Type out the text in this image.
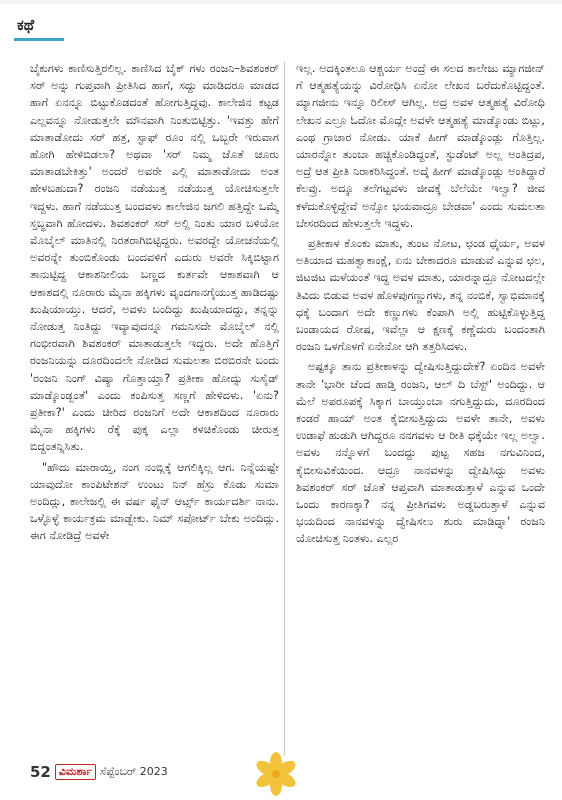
ಕಥೆ

ಬೈಕುಗಳು ಕಾಣಿಸುತ್ತಿರಲಿಲ್ಲ. ಕಾಣಿಸಿದ ಬೈಕ್ ಗಳು ರಂಜನಿ–ಶಿವಶಂಕರ್ ಸರ್ ಅನ್ನು ಗುಪ್ತವಾಗಿ ಪ್ರೀತಿಸಿದ ಹಾಗೆ, ಸದ್ದು ಮಾಡಿದರೂ ಮಾಡದ ಹಾಗೆ ಏನನ್ನೂ ಬಿಟ್ಟುಕೊಡದಂತೆ ಹೋಗುತ್ತಿದ್ದವು. ಕಾಲೇಜಿನ ಕಟ್ಟಡ ಎಲ್ಲವನ್ನೂ ನೋಡುತ್ತಲೇ ಮೌನವಾಗಿ ನಿಂತುಬಿಟ್ಟಿತ್ತು. 'ಇವತ್ತು ಹೇಗೆ ಮಾತಾಡೋದು ಸರ್ ಹತ್ರ, ಸ್ಟಾಫ್ ರೂಂ ನಲ್ಲಿ ಒಬ್ಬರೇ ಇರುವಾಗ ಹೋಗಿ ಹೇಳಿಬಿಡಲಾ? ಅಥವಾ 'ಸರ್ ನಿಮ್ಮ ಜೊತೆ ಚೂರು ಮಾತಾಡಬೇಕಿತ್ತು' ಅಂದರೆ ಅವರೇ ಎಲ್ಲಿ ಮಾತಾಡೋದು ಅಂತ ಹೇಳಬಹುದಾ? ರಂಜನಿ ನಡೆಯುತ್ತ ನಡೆಯುತ್ತ ಯೋಚಿಸುತ್ತಲೇ ಇದ್ದಳು. ಹಾಗೆ ನಡೆಯುತ್ತ ಬಂದವಳು ಕಾಲೇಜಿನ ಜಗಲಿ ಹತ್ತಿದ್ದೇ ಒಮ್ಮೆ ಸ್ತಬ್ಧವಾಗಿ ಹೋದಳು. ಶಿವಶಂಕರ್ ಸರ್ ಅಲ್ಲಿ ನಿಂತು ಯಾರ ಬಳಿಯೋ ಮೊಬೈಲ್ ಮಾತಿನಲ್ಲಿ ನಿರತರಾಗಿಬಿಟ್ಟಿದ್ದರು. ಅವರದ್ದೇ ಯೋಚನೆಯಲ್ಲಿ ಅವರನ್ನೇ ತುಂಬಿಕೊಂಡು ಬಂದವಳಿಗೆ ಎದುರು ಅವರೇ ಸಿಕ್ಕಿಬಿಟ್ಟಾಗ ತಾನುಟ್ಟಿದ್ದ ಆಕಾಶನೀಲಿಯ ಬಣ್ಣದ ಕುರ್ತವೇ ಆಕಾಶವಾಗಿ ಆ ಆಕಾಶದಲ್ಲಿ ನೂರಾರು ಮೈನಾ ಹಕ್ಕಿಗಳು ವೃಂದಗಾನಗೈಯುತ್ತ ಹಾಡಿದಷ್ಟು ಖುಷಿಯಾಯ್ತು. ಆದರೆ, ಅವಳು ಬಂದಿದ್ದು ಖುಷಿಯಾದದ್ದು, ತನ್ನನ್ನು ನೋಡುತ್ತ ನಿಂತಿದ್ದು ಇವ್ಯಾವುದನ್ನೂ ಗಮನಿಸದೇ ಮೊಬೈಲ್ ನಲ್ಲಿ ಗಂಭೀರವಾಗಿ ಶಿವಶಂಕರ್ ಮಾತಾಡುತ್ತಲೇ ಇದ್ದರು. ಅದೇ ಹೊತ್ತಿಗೆ ರಂಜನಿಯನ್ನು ದೂರದಿಂದಲೇ ನೋಡಿದ ಸುಮಲತಾ ಬಿರಬಿರನೇ ಬಂದು 'ರಂಜನಿ ನಿಂಗ್ ವಿಷ್ಯಾ ಗೊತ್ತಾಯ್ತಾ? ಪ್ರತೀಕಾ ಹೋದ್ಸು ಸುಸೈಡ್ ಮಾಡ್ಕೊಂಡ್ಬಂತೆ' ಎಂದು ಕಂಪಿಸುತ್ತ ಸಣ್ಣಗೆ ಹೇಳಿದಳು. 'ಏನು? ಪ್ರತೀಕಾ?' ಎಂದು ಚೀರಿದ ರಂಜನಿಗೆ ಅದೇ ಆಕಾಶದಿಂದ ನೂರಾರು ಮೈನಾ ಹಕ್ಕಿಗಳು ರೆಕ್ಕೆ ಪುಕ್ಕ ಎಲ್ಲಾ ಕಳಚಿಕೊಂಡು ಚೀರುತ್ತ ಬಿದ್ದಂತನ್ನಿಸಿತು.

"ಹೌದು ಮಾರಾಯ್ತಿ, ನಂಗ ನಂಬ್ಲಿಕ್ಕೆ ಆಗಲಿಕ್ಕಿಲ್ಲ ಆಗ. ನಿನ್ನೆಯಷ್ಟೇ ಯಾವುದೋ ಕಾಂಪಿಟೇಶನ್ ಉಂಟು ನಿನ್ ಹೆಸ್ರು ಕೊಡು ಸುಮಾ ಅಂದಿದ್ಲು, ಕಾಲೇಜಲ್ಲಿ ಈ ವರ್ಷ ಫೈನ್ ಆರ್ಟ್ಸ್ ಕಾರ್ಯದರ್ಶಿ ನಾನು. ಒಳ್ಳೊಳ್ಳೆ ಕಾರ್ಯಕ್ರಮ ಮಾಡ್ಬೇಕು. ನಿಮ್ ಸಪೋರ್ಟ್ ಬೇಕು ಅಂದಿದ್ಲು. ಈಗ ನೋಡಿದ್ರೆ ಅವಳೇ

ಇಲ್ಲ. ಅದಕ್ಕಿಂತಲೂ ಆಶ್ಚರ್ಯ ಅಂದ್ರೆ ಈ ಸಲದ ಕಾಲೇಜು ಮ್ಯಾಗಜೀನ್ ಗೆ ಆತ್ಮಹತ್ಯೆಯನ್ನು ವಿರೋಧಿಸಿ ಏನೋ ಲೇಖನ ಬರೆದುಕೊಟ್ಟಿದ್ದಂತೆ. ಮ್ಯಾಗಜೀನು ಇನ್ನೂ ರಿಲೀಸ್ ಆಗಿಲ್ಲ. ಅದ್ರ ಅವಳ ಆತ್ಮಹತ್ಯೆ ವಿರೋಧಿ ಲೇಖನ ಎಲ್ರೂ ಓದೋ ಮೊದ್ಲೇ ಅವಳೇ ಆತ್ಮಹತ್ಯೆ ಮಾಡ್ಕೊಂಡು ಬಿಟ್ಲು, ಎಂಥ ಗ್ರಾಚಾರ ನೋಡು. ಯಾಕೆ ಹೀಗ್ ಮಾಡ್ಕೊಂಡ್ಲು ಗೊತ್ತಿಲ್ಲ. ಯಾರನ್ನೋ ತುಂಬಾ ಹಚ್ಚಿಕೊಂಡಿದ್ದಂತೆ, ಸ್ಟುಡೆಂಟ್ ಅಲ್ಲ ಅಂತಿದ್ರಪ, ಅದ್ರೆ ಆತ ಪ್ರೀತಿ ನಿರಾಕರಿಸಿದ್ದಂತೆ. ಅದ್ಕೆ ಹೀಗ್ ಮಾಡ್ಕೊಂಡ್ಲು ಅಂತಿದ್ದಾರೆ ಕೆಲವ್ರು. ಅದ್ಕೂ ತಲೆಗಟ್ಟವಳು ಜೀವಕ್ಕೆ ಬೆಲೆಯೇ ಇಲ್ವಾ? ಜೀವ ಕಳೆದುಕೊಳ್ಳಿದ್ದೇವೆ ಅನ್ಸೋ ಭಯವಾದ್ರೂ ಬೇಡವಾ' ಎಂದು ಸುಮಲತಾ ಬೇಸರದಿಂದ ಹೇಳುತ್ತಲೇ ಇದ್ದಳು.

ಪ್ರತೀಕಾಳ ಕೊಂಕು ಮಾತು, ತುಂಟ ನೋಟ, ಛಂಡ ಧೈರ್ಯ, ಅವಳ ಅತಿಯಾದ ಮಹತ್ವಾಕಾಂಕ್ಷೆ, ಏನು ಬೇಕಾದರೂ ಮಾಡುವೆ ಎನ್ನುವ ಛಲ, ಜಿಟಜಿಟ ಮಳೆಯಂತೆ ಇದ್ದ ಅವಳ ಮಾತು, ಯಾರನ್ನಾದ್ರೂ ನೋಟದಲ್ಲೇ ತಿವಿದು ಬಿಡುವ ಅವಳ ಹೊಳಪುಗಣ್ಣುಗಳು, ತನ್ನ ನಂಬಿಕೆ, ಸ್ವಾಭಿಮಾನಕ್ಕೆ ಧಕ್ಕೆ ಬಂದಾಗ ಅದೇ ಕಣ್ಣುಗಳು ಕೆಂಪಾಗಿ ಅಲ್ಲಿ ಹುಟ್ಟಿಕೊಳ್ಳುತ್ತಿದ್ದ ಬಂಡಾಯದ ರೋಷ, ಇವೆಲ್ಲಾ ಆ ಕ್ಷಣಕ್ಕೆ ಕಣ್ಣೆದುರು ಬಂದಂತಾಗಿ ರಂಜನಿ ಒಳಗೊಳಗೆ ಏನೇನೋ ಆಗಿ ತತ್ತರಿಸಿದಳು.

ಅಷ್ಟಕ್ಕೂ ತಾನು ಪ್ರತೀಕಾಳನ್ನು ದ್ವೇಷಿಸುತ್ತಿದ್ದುದೇಕೆ? ಏಂದಿನ ಅವಳೇ ತಾನೇ 'ಭಾರೀ ಚೆಂದ ಹಾಡ್ತಿ ರಂಜನಿ, ಆಲ್ ದಿ ಬೆಸ್ಟ್' ಅಂದಿದ್ದು. ಆ ಮೆಲೆ ಅಪರೂಪಕ್ಕೆ ಸಿಕ್ಕಾಗ ಬಾಯ್ತುಂಬಾ ನಗುತ್ತಿದ್ದುದು, ದೂರದಿಂದ ಕಂಡರೆ ಹಾಯ್ ಅಂತ ಕೈಬೀಸುತ್ತಿದ್ದುದು ಅವಳೇ ತಾನೇ, ಅವಳು ಉಡಾಫೆ ಹುಡುಗಿ ಆಗಿದ್ದರೂ ನನಗವಳು ಆ ರೀತಿ ಧಕ್ಕೆಯೇ ಇಲ್ಲ ಅಲ್ವಾ. ಅವಳು ನನ್ನೊಳಗೆ ಬಂದದ್ದು ಪುಟ್ಟ ಸಹಜ ನಗುವಿನಿಂದ, ಕೈಬೀಸುವಿಕೆಯಿಂದ. ಆದ್ರೂ ನಾನವಳನ್ನು ದ್ವೇಷಿಸಿದ್ದು ಅವಳು ಶಿವಶಂಕರ್ ಸರ್ ಜೊತೆ ಆಪ್ತವಾಗಿ ಮಾತಾಡುತ್ತಾಳೆ ಎನ್ನುವ ಒಂದೇ ಒಂದು ಕಾರಣಕ್ಕಾ? ನನ್ನ ಪ್ರೀತಿಗವಳು ಅಡ್ಡಬರುತ್ತಾಳೆ ಎನ್ನುವ ಭಯದಿಂದ ನಾನವಳನ್ನು ದ್ವೇಷಿಸಲು ಶುರು ಮಾಡಿದ್ನಾ' ರಂಜನಿ ಯೋಚಿಸುತ್ತ ನಿಂತಳು. ಎಲ್ಲರ

52 ವಿಮರ್ಶಾ ಸೆಪ್ಟೆಂಬರ್ 2023
